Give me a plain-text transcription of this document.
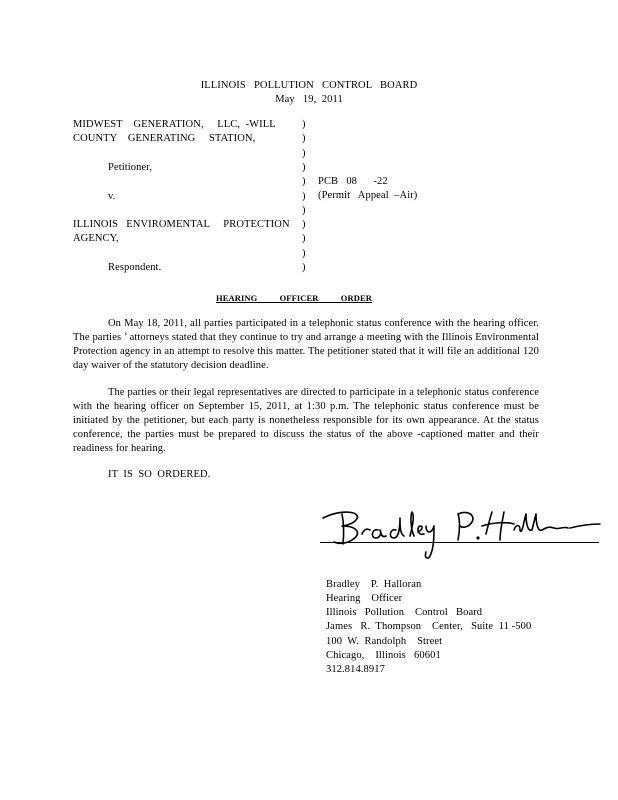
ILLINOIS   POLLUTION   CONTROL   BOARD
May   19,  2011
MIDWEST    GENERATION,     LLC,  -WILL
COUNTY    GENERATING     STATION,
Petitioner,
v.
ILLINOIS   ENVIROMENTAL     PROTECTION
AGENCY,
Respondent.
)
)
)
)
)
)
)
)
)
)
)
PCB   08      -22
(Permit   Appeal  –Air)
HEARING          OFFICER          ORDER
On May 18, 2011, all parties participated in a telephonic status conference with the hearing officer. The parties ’ attorneys stated that they continue to try and arrange a meeting with the Illinois Environmental Protection agency in an attempt to resolve this matter. The petitioner stated that it will file an additional 120 day waiver of the statutory decision deadline.
The parties or their legal representatives are directed to participate in a telephonic status conference with the hearing officer on September 15, 2011, at 1:30 p.m. The telephonic status conference must be initiated by the petitioner, but each party is nonetheless responsible for its own appearance. At the status conference, the parties must be prepared to discuss the status of the above -captioned matter and their readiness for hearing.
IT  IS  SO  ORDERED.
Bradley    P.  Halloran
Hearing    Officer
Illinois   Pollution    Control   Board
James   R.  Thompson    Center,   Suite  11 -500
100  W.  Randolph    Street
Chicago,    Illinois   60601
312.814.8917
